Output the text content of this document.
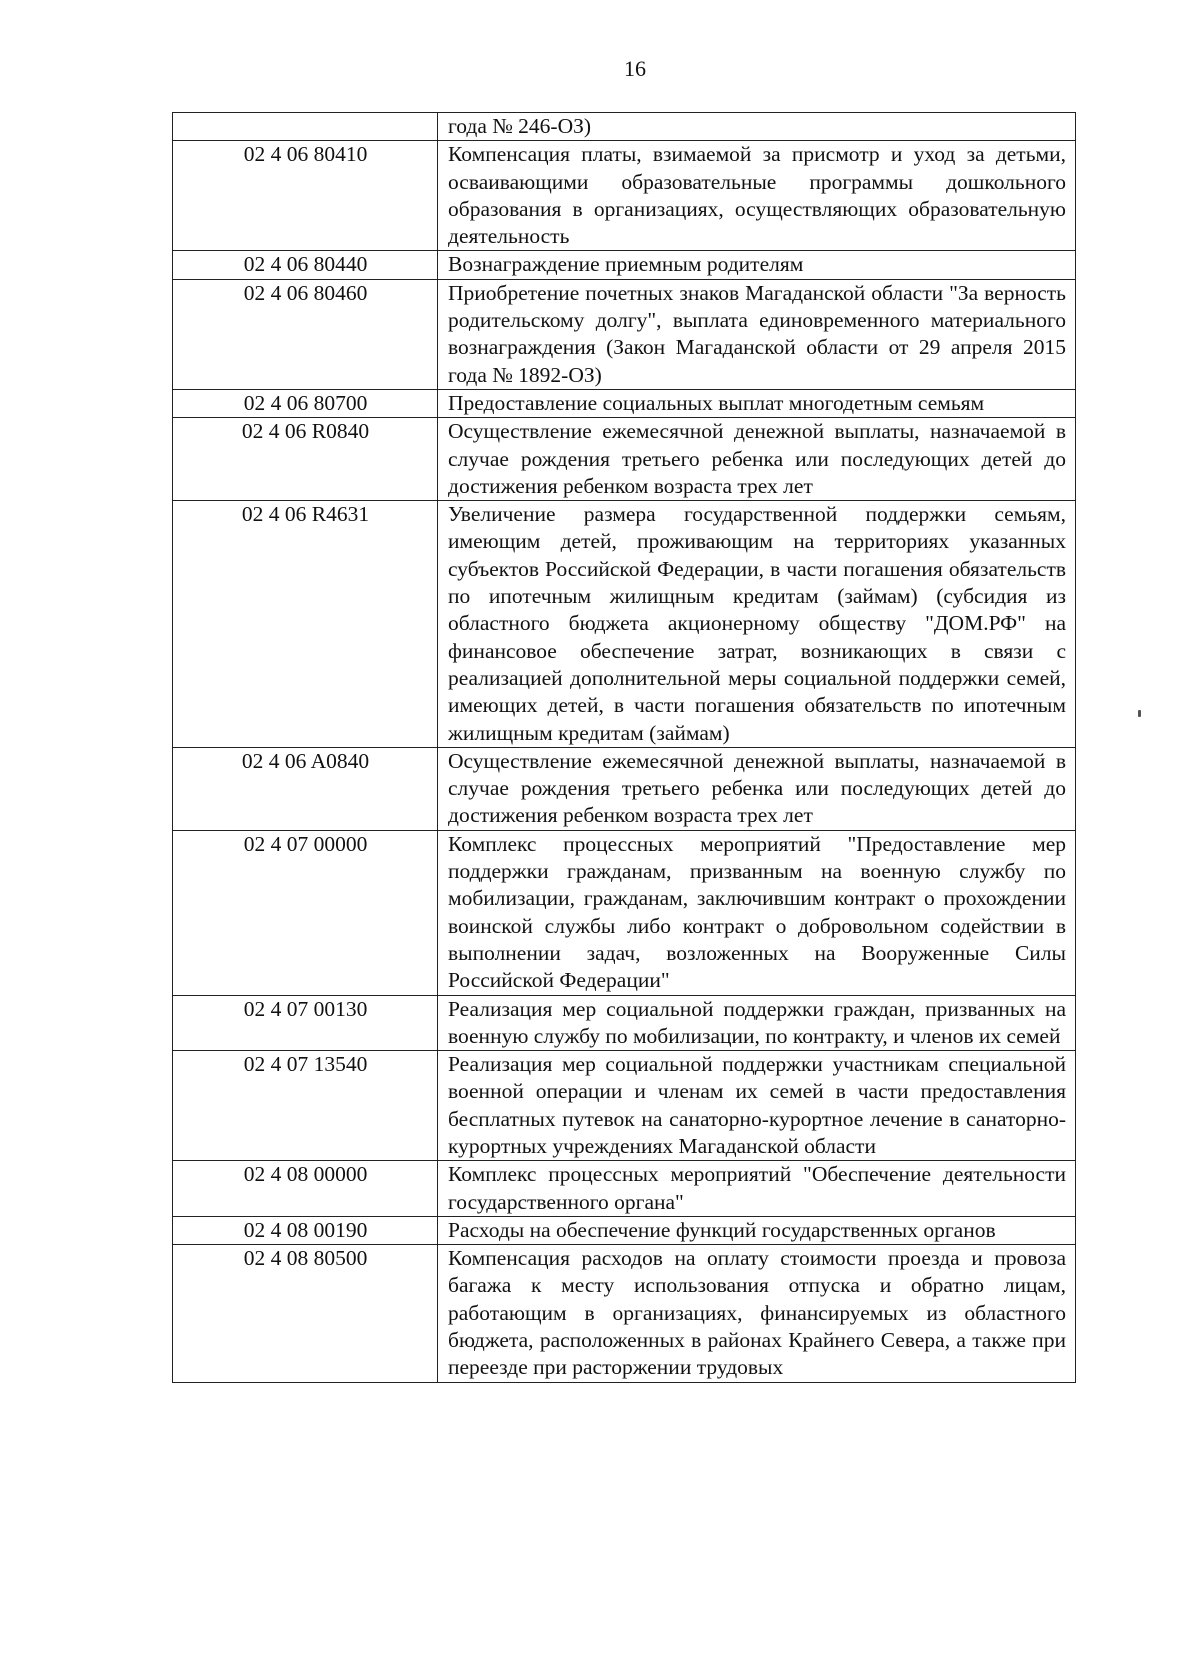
16
	года № 246-ОЗ)
02 4 06 80410	Компенсация платы, взимаемой за присмотр и уход за детьми, осваивающими образовательные программы дошкольного образования в организациях, осуществляющих образовательную деятельность
02 4 06 80440	Вознаграждение приемным родителям
02 4 06 80460	Приобретение почетных знаков Магаданской области "За верность родительскому долгу", выплата единовременного материального вознаграждения (Закон Магаданской области от 29 апреля 2015 года № 1892-ОЗ)
02 4 06 80700	Предоставление социальных выплат многодетным семьям
02 4 06 R0840	Осуществление ежемесячной денежной выплаты, назначаемой в случае рождения третьего ребенка или последующих детей до достижения ребенком возраста трех лет
02 4 06 R4631	Увеличение размера государственной поддержки семьям, имеющим детей, проживающим на территориях указанных субъектов Российской Федерации, в части погашения обязательств по ипотечным жилищным кредитам (займам) (субсидия из областного бюджета акционерному обществу "ДОМ.РФ" на финансовое обеспечение затрат, возникающих в связи с реализацией дополнительной меры социальной поддержки семей, имеющих детей, в части погашения обязательств по ипотечным жилищным кредитам (займам)
02 4 06 A0840	Осуществление ежемесячной денежной выплаты, назначаемой в случае рождения третьего ребенка или последующих детей до достижения ребенком возраста трех лет
02 4 07 00000	Комплекс процессных мероприятий "Предоставление мер поддержки гражданам, призванным на военную службу по мобилизации, гражданам, заключившим контракт о прохождении воинской службы либо контракт о добровольном содействии в выполнении задач, возложенных на Вооруженные Силы Российской Федерации"
02 4 07 00130	Реализация мер социальной поддержки граждан, призванных на военную службу по мобилизации, по контракту, и членов их семей
02 4 07 13540	Реализация мер социальной поддержки участникам специальной военной операции и членам их семей в части предоставления бесплатных путевок на санаторно-курортное лечение в санаторно-курортных учреждениях Магаданской области
02 4 08 00000	Комплекс процессных мероприятий "Обеспечение деятельности государственного органа"
02 4 08 00190	Расходы на обеспечение функций государственных органов
02 4 08 80500	Компенсация расходов на оплату стоимости проезда и провоза багажа к месту использования отпуска и обратно лицам, работающим в организациях, финансируемых из областного бюджета, расположенных в районах Крайнего Севера, а также при переезде при расторжении трудовых
